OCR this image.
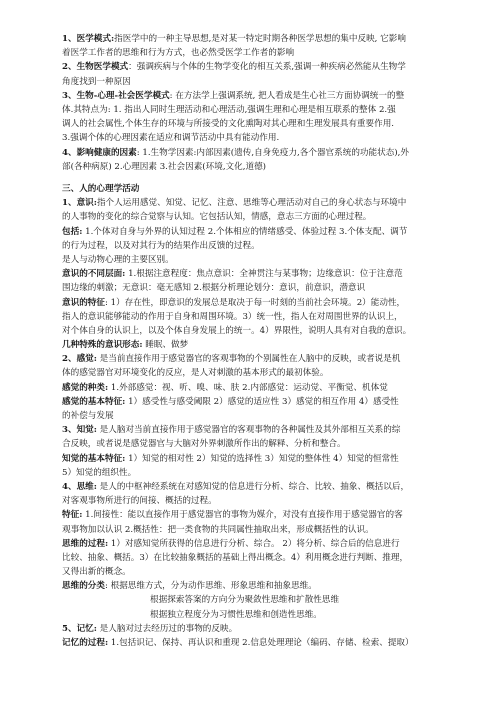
1、医学模式:指医学中的一种主导思想,是对某一特定时期各种医学思想的集中反映, 它影响
着医学工作者的思维和行为方式，也必然受医学工作者的影响
2、生物医学模式：强调疾病与个体的生物学变化的相互关系,强调一种疾病必然能从生物学
角度找到一种原因
3、生物-心理-社会医学模式: 在方法学上强调系统, 把人看成是生心社三方面协调统一的整
体.其特点为: 1. 指出人同时生理活动和心理活动,强调生理和心理是相互联系的整体 2.强
调人的社会属性,个体生存的环境与所接受的文化熏陶对其心理和生理发展具有重要作用.
3.强调个体的心理因素在适应和调节活动中具有能动作用.
4、影响健康的因素: 1.生物学因素:内部因素(遗传,自身免疫力,各个器官系统的功能状态),外
部(各种病原) 2.心理因素 3.社会因素(环境,文化,道德)
三、人的心理学活动
1、意识:指个人运用感觉、知觉、记忆、注意、思维等心理活动对自己的身心状态与环境中
的人事物的变化的综合觉察与认知。它包括认知，情感，意志三方面的心理过程。
包括: 1.个体对自身与外界的认知过程 2.个体相应的情绪感受、体验过程 3.个体支配、调节
的行为过程，以及对其行为的结果作出反馈的过程。
是人与动物心理的主要区别。
意识的不同层面: 1.根据注意程度：焦点意识：全神贯注与某事物；边缘意识：位于注意范
围边缘的刺激；无意识：毫无感知 2.根据分析理论划分：意识，前意识，潜意识
意识的特征: 1）存在性，即意识的发展总是取决于每一时刻的当前社会环境。2）能动性，
指人的意识能够能动的作用于自身和周围环境。3）统一性，指人在对周围世界的认识上，
对个体自身的认识上，以及个体自身发展上的统一。4）界限性，说明人具有对自我的意识。
几种特殊的意识形态: 睡眠、做梦
2、感觉: 是当前直接作用于感觉器官的客观事物的个别属性在人脑中的反映，或者说是机
体的感觉器官对环境变化的反应，是人对刺激的基本形式的最初体验。
感觉的种类: 1.外部感觉：视、听、嗅、味、肤 2.内部感觉：运动觉、平衡觉、机体觉
感觉的基本特征: 1）感受性与感受阈限 2）感觉的适应性 3）感觉的相互作用 4）感受性
的补偿与发展
3、知觉: 是人脑对当前直接作用于感觉器官的客观事物的各种属性及其外部相互关系的综
合反映，或者说是感觉器官与大脑对外界刺激所作出的解释、分析和整合。
知觉的基本特征: 1）知觉的相对性 2）知觉的选择性 3）知觉的整体性 4）知觉的恒常性
5）知觉的组织性。
4、思维: 是人的中枢神经系统在对感知觉的信息进行分析、综合、比较、抽象、概括以后，
对客观事物所进行的间接、概括的过程。
特征: 1.间接性：能以直接作用于感觉器官的事物为媒介，对没有直接作用于感觉器官的客
观事物加以认识 2.概括性：把一类食物的共同属性抽取出来，形成概括性的认识。
思维的过程: 1）对感知觉所获得的信息进行分析、综合。 2）将分析、综合后的信息进行
比较、抽象、概括。3）在比较抽象概括的基础上得出概念。4）利用概念进行判断、推理，
又得出新的概念。
思维的分类: 根据思维方式，分为动作思维、形象思维和抽象思维。
根据探索答案的方向分为聚敛性思维和扩散性思维
根据独立程度分为习惯性思维和创造性思维。
5、记忆: 是人脑对过去经历过的事物的反映。
记忆的过程: 1.包括识记、保持、再认识和重现 2.信息处理理论（编码、存储、检索、提取）
